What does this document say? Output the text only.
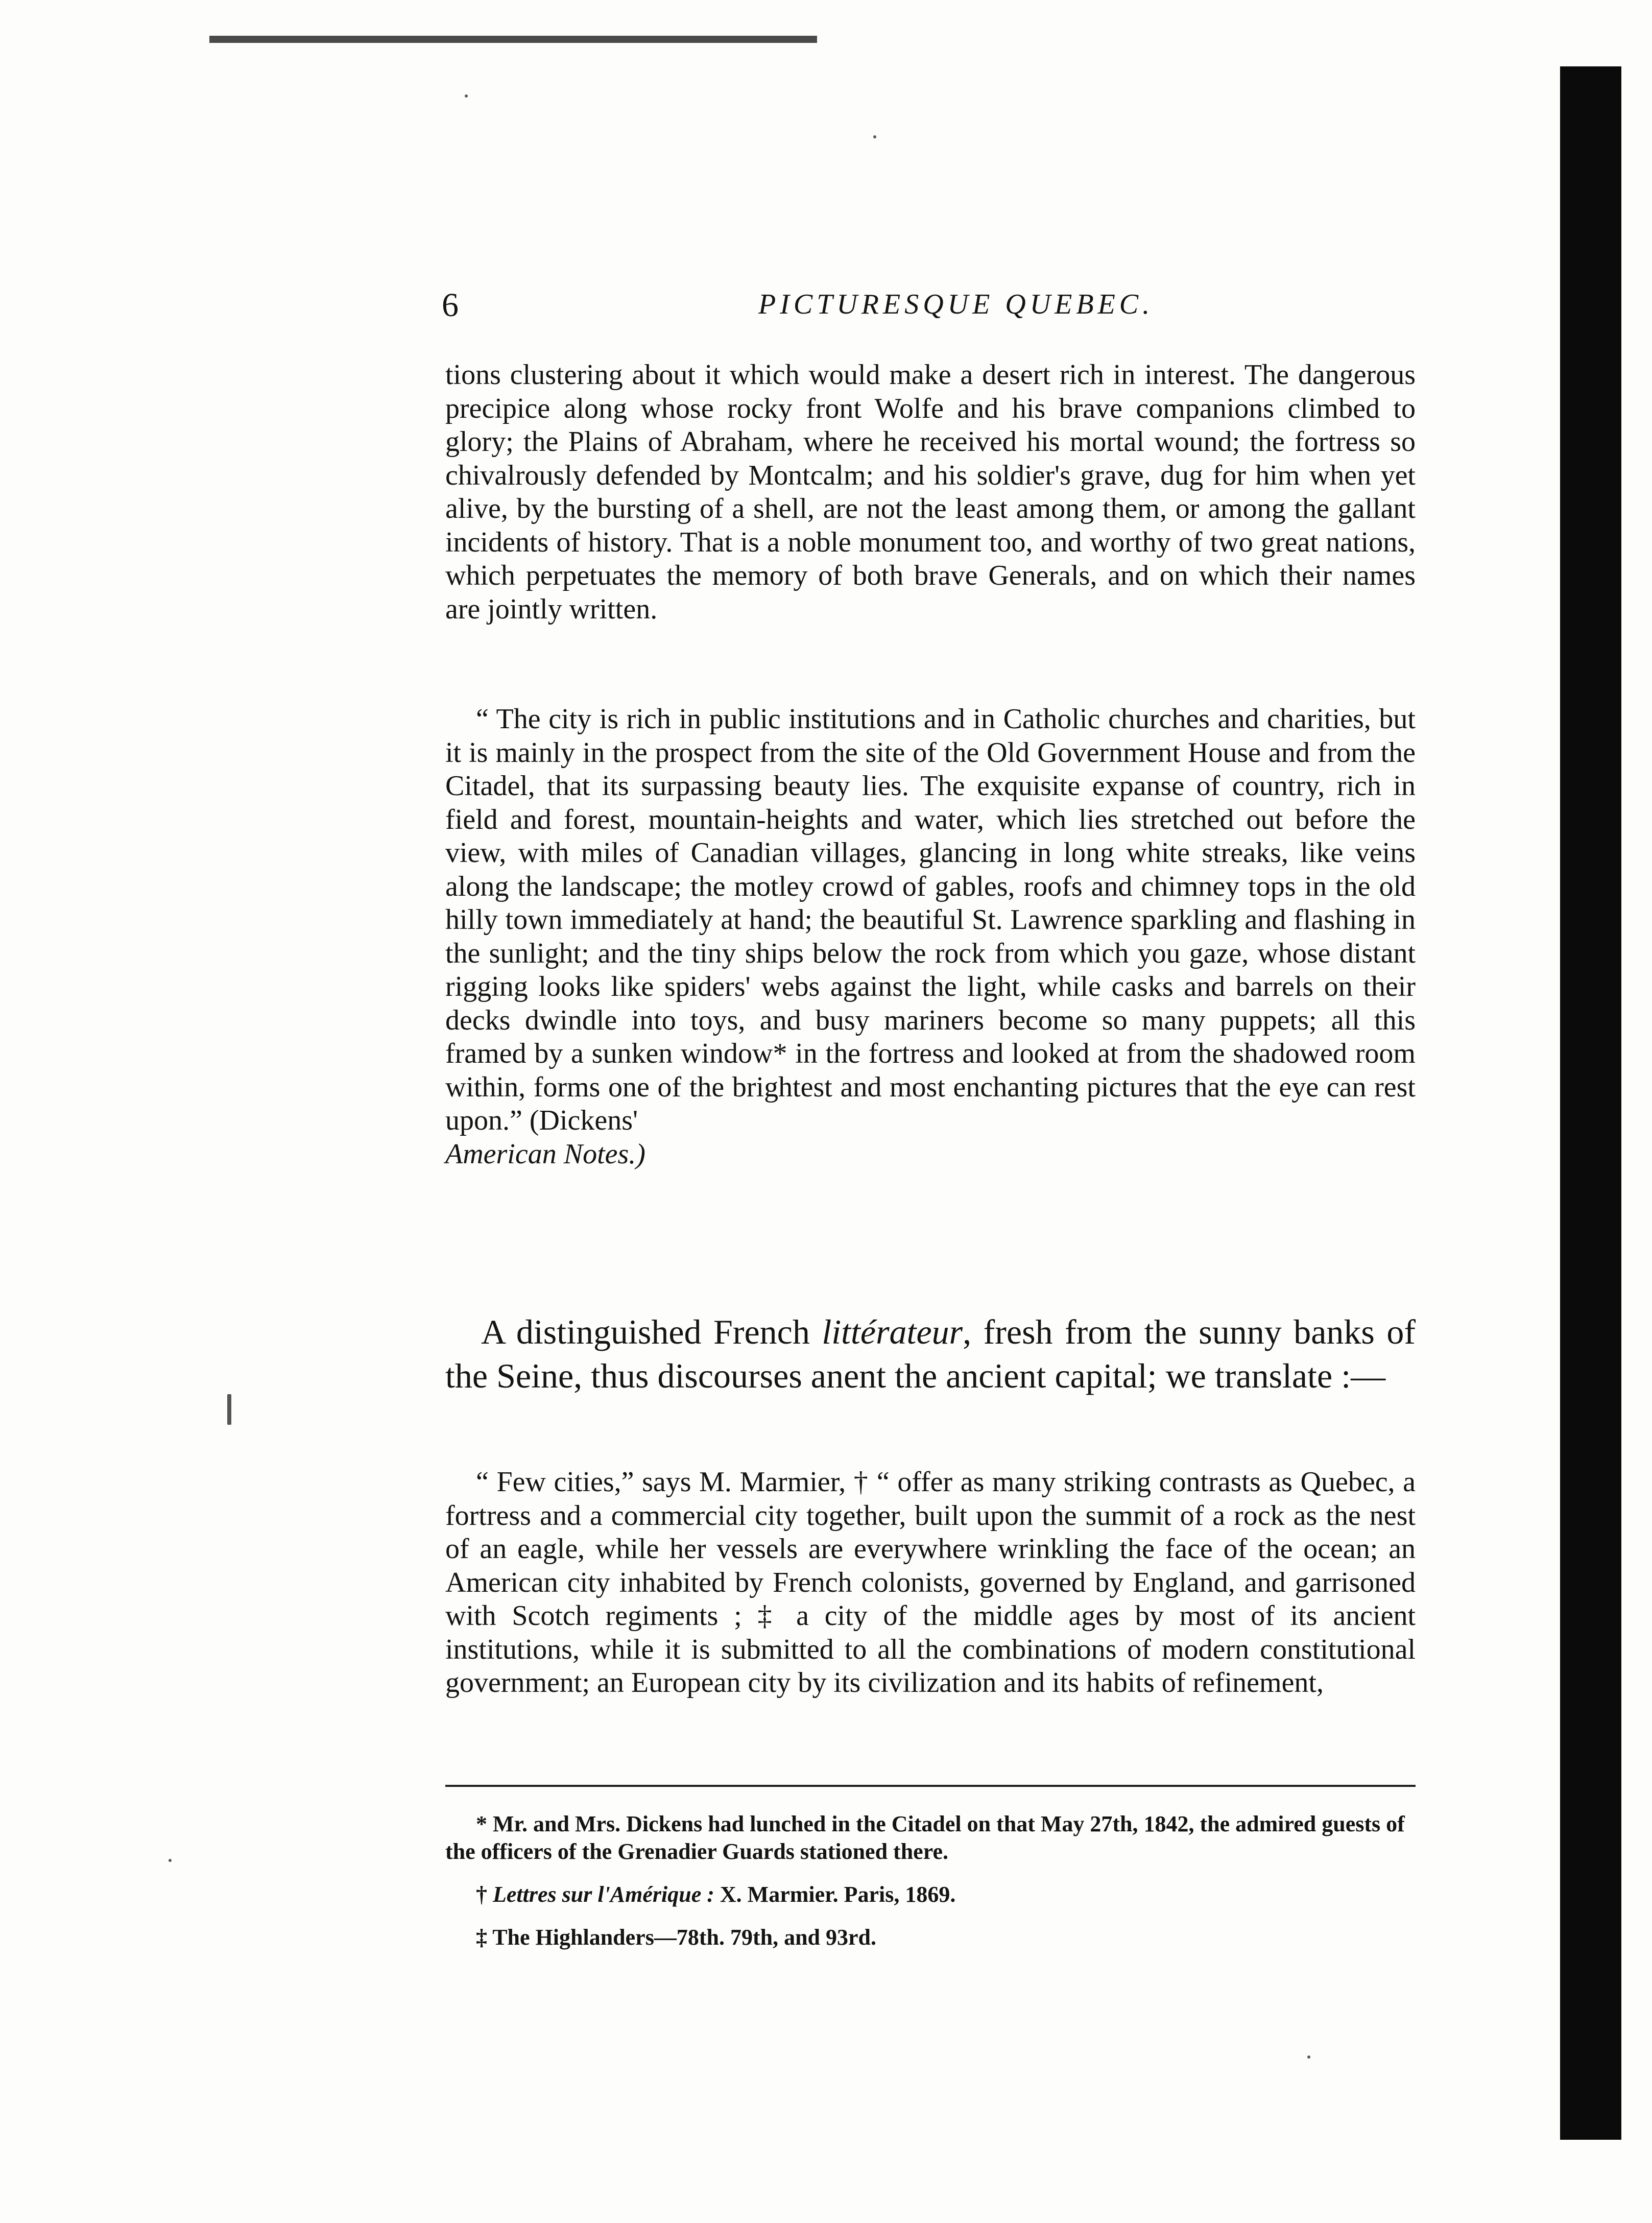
6	PICTURESQUE QUEBEC.

tions clustering about it which would make a desert rich in interest. The dangerous precipice along whose rocky front Wolfe and his brave companions climbed to glory; the Plains of Abraham, where he received his mortal wound; the fortress so chivalrously defended by Montcalm; and his soldier's grave, dug for him when yet alive, by the bursting of a shell, are not the least among them, or among the gallant incidents of history. That is a noble monument too, and worthy of two great nations, which perpetuates the memory of both brave Generals, and on which their names are jointly written.

“ The city is rich in public institutions and in Catholic churches and charities, but it is mainly in the prospect from the site of the Old Government House and from the Citadel, that its surpassing beauty lies. The exquisite expanse of country, rich in field and forest, mountain-heights and water, which lies stretched out before the view, with miles of Canadian villages, glancing in long white streaks, like veins along the landscape; the motley crowd of gables, roofs and chimney tops in the old hilly town immediately at hand; the beautiful St. Lawrence sparkling and flashing in the sunlight; and the tiny ships below the rock from which you gaze, whose distant rigging looks like spiders' webs against the light, while casks and barrels on their decks dwindle into toys, and busy mariners become so many puppets; all this framed by a sunken window* in the fortress and looked at from the shadowed room within, forms one of the brightest and most enchanting pictures that the eye can rest upon.” (Dickens'
American Notes.)

A distinguished French littérateur, fresh from the sunny banks of the Seine, thus discourses anent the ancient capital; we translate :—

“ Few cities,” says M. Marmier, † “ offer as many striking contrasts as Quebec, a fortress and a commercial city together, built upon the summit of a rock as the nest of an eagle, while her vessels are everywhere wrinkling the face of the ocean; an American city inhabited by French colonists, governed by England, and garrisoned with Scotch regiments ; ‡ a city of the middle ages by most of its ancient institutions, while it is submitted to all the combinations of modern constitutional government; an European city by its civilization and its habits of refinement,

* Mr. and Mrs. Dickens had lunched in the Citadel on that May 27th, 1842, the admired guests of the officers of the Grenadier Guards stationed there.

† Lettres sur l'Amérique : X. Marmier. Paris, 1869.

‡ The Highlanders—78th. 79th, and 93rd.
